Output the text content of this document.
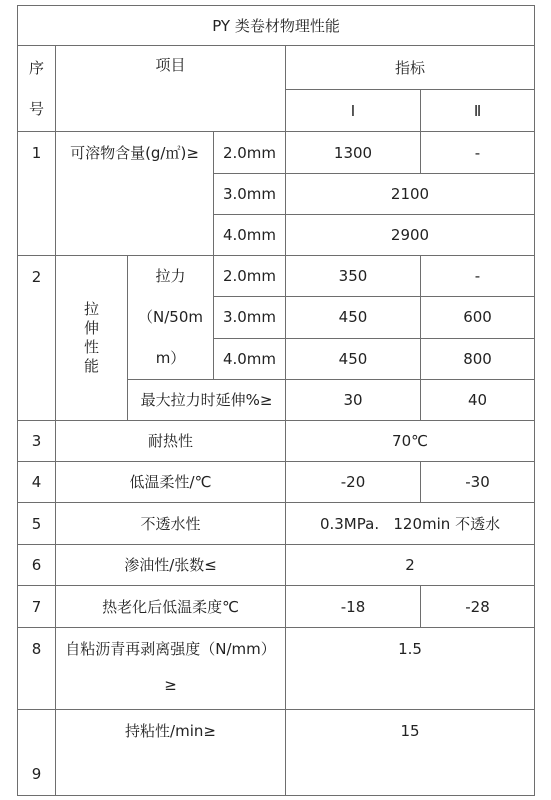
PY 类卷材物理性能					

序
号	项目			指标	
				Ⅰ	Ⅱ
1	可溶物含量(g/㎡)≥		2.0mm	1300	-
			3.0mm	2100	
			4.0mm	2900	
2	拉伸性能	拉力
（N/50m
m）	2.0mm	350	-
			3.0mm	450	600
			4.0mm	450	800
		最大拉力时延伸%≥		30	40
3	耐热性			70℃	
4	低温柔性/℃			-20	-30
5	不透水性			0.3MPa.   120min 不透水	
6	渗油性/张数≤			2	
7	热老化后低温柔度℃			-18	-28
8	自粘沥青再剥离强度（N/mm）

≥			1.5	
9	持粘性/min≥			15	
